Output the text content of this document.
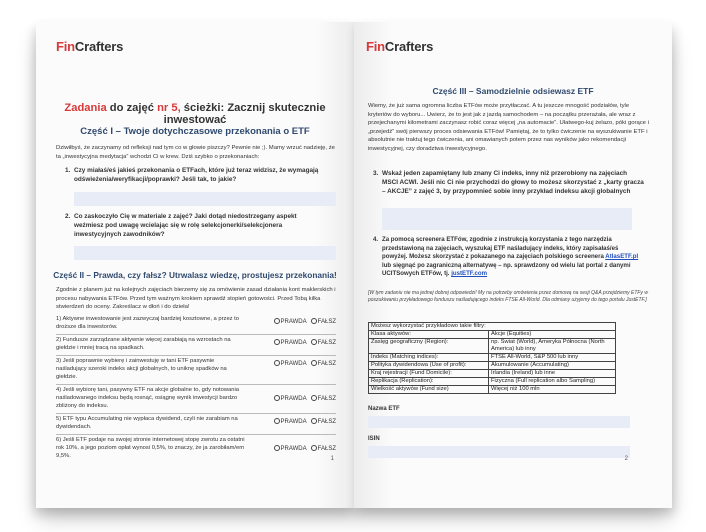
FinCrafters
Zadania do zajęć nr 5, ścieżki: Zacznij skutecznie inwestować
Część I – Twoje dotychczasowe przekonania o ETF
Dziwiłbyś, że zaczynamy od refleksji nad tym co w głowie piszczy? Pewnie nie ;). Mamy wrzuć nadzieję, że ta „inwestycyjna medytacja” wchodzi Ci w krew. Dziś szybko o przekonaniach:
1. Czy miałaś/eś jakieś przekonania o ETFach, które już teraz widzisz, że wymagają odświeżenia/weryfikacji/poprawki? Jeśli tak, to jakie?
2. Co zaskoczyło Cię w materiale z zajęć? Jaki dotąd niedostrzegany aspekt weźmiesz pod uwagę wcielając się w rolę selekcjonerki/selekcjonera inwestycyjnych zawodników?
Część II – Prawda, czy fałsz? Utrwalasz wiedzę, prostujesz przekonania!
Zgodnie z planem już na kolejnych zajęciach bierzemy się za omówienie zasad działania kont maklerskich i procesu nabywania ETFów. Przed tym ważnym krokiem sprawdź stopień gotowości. Przed Tobą kilka stwierdzeń do oceny. Zakreślacz w dłoń i do dzieła!
1) Aktywne inwestowanie jest zazwyczaj bardziej kosztowne, a przez to droższe dla inwestorów.
PRAWDA FAŁSZ
2) Fundusze zarządzane aktywnie więcej zarabiają na wzrostach na giełdzie i mniej tracą na spadkach.
PRAWDA FAŁSZ
3) Jeśli poprawnie wybierę i zainwestuję w tani ETF pasywnie naśladujący szeroki indeks akcji globalnych, to uniknę spadków na giełdzie.
PRAWDA FAŁSZ
4) Jeśli wybiorę tani, pasywny ETF na akcje globalne to, gdy notowania naśladowanego indeksu będą rosnąć, osiągnę wynik inwestycji bardzo zbliżony do indeksu.
PRAWDA FAŁSZ
5) ETF typu Accumulating nie wypłaca dywidend, czyli nie zarabiam na dywidendach.
PRAWDA FAŁSZ
6) Jeśli ETF podaje na swojej stronie internetowej stopę zwrotu za ostatni rok 10%, a jego poziom opłat wynosi 0,5%, to znaczy, że ja zarobiłam/em 9,5%.
PRAWDA FAŁSZ
1
FinCrafters
Część III – Samodzielnie odsiewasz ETF
Wiemy, że już sama ogromna liczba ETFów może przytłaczać. A tu jeszcze mnogość podziałów, tyle kryteriów do wyboru... Uwierz, że to jest jak z jazdą samochodem – na początku przerażała, ale wraz z przejechanymi kilometrami zaczynasz robić coraz więcej „na automacie”. Ułatwego-kuj żelazo, póki gorące i „przejedź” swój pierwszy proces odsiewania ETFów! Pamiętaj, że to tylko ćwiczenie na wyszukiwanie ETF i absolutnie nie traktuj tego ćwiczenia, ani omawianych potem przez nas wyników jako rekomendacji inwestycyjnej, czy doradztwa inwestycyjnego.
3. Wskaż jeden zapamiętany lub znany Ci indeks, inny niż przerobiony na zajęciach MSCI ACWI. Jeśli nic Ci nie przychodzi do głowy to możesz skorzystać z „karty gracza – AKCJE” z zajęć 3, by przypomnieć sobie inny przykład indeksu akcji globalnych
4. Za pomocą screenera ETFów, zgodnie z instrukcją korzystania z tego narzędzia przedstawioną na zajęciach, wyszukaj ETF naśladujący indeks, który zapisałaś/eś powyżej. Możesz skorzystać z pokazanego na zajęciach polskiego screenera AtlasETF.pl lub sięgnąć po zagraniczną alternatywę – np. sprawdzony od wielu lat portal z danymi UCITSowych ETFów, tj. justETF.com
[W tym zadaniu nie ma jednej dobrej odpowiedzi! My na potrzeby omówienia przez domową na sesji Q&A przejdziemy ETFy w poszukiwaniu przykładowego funduszu naśladującego indeks FTSE All-World. Dla odmiany użyjemy do tego portalu JustETF.]
Możesz wykorzystać przykładowo takie filtry:	
Klasa aktywów:	Akcje (Equities)
Zasięg geograficzny (Region):	np. Świat (World), Ameryka Północna (North America) lub inny
Indeks (Matching indices):	FTSE All-World, S&P 500 lub inny
Polityka dywidendowa (Use of profit):	Akumulowanie (Accumulating)
Kraj rejestracji (Fund Domicile):	Irlandia (Ireland) lub inne
Replikacja (Replication):	Fizyczna (Full replication albo Sampling)
Wielkość aktywów (Fund size)	Więcej niż 100 mln
Nazwa ETF
ISIN
2
